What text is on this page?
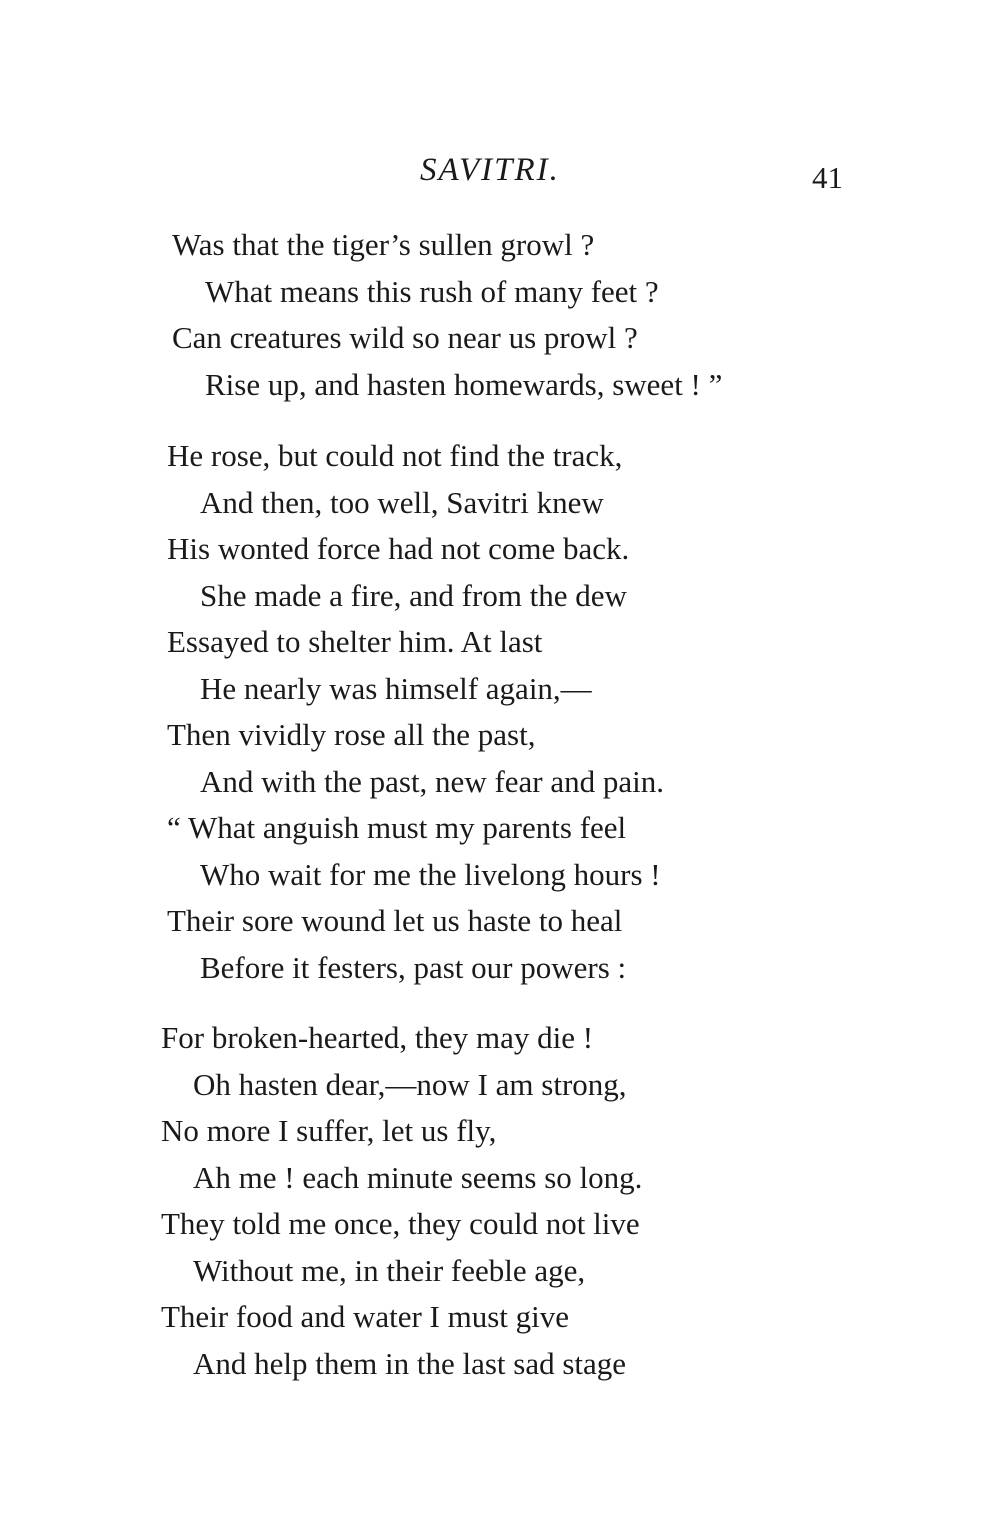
SAVITRI.	41
Was that the tiger’s sullen growl ?
What means this rush of many feet ?
Can creatures wild so near us prowl ?
Rise up, and hasten homewards, sweet ! ”
He rose, but could not find the track,
And then, too well, Savitri knew
His wonted force had not come back.
She made a fire, and from the dew
Essayed to shelter him. At last
He nearly was himself again,—
Then vividly rose all the past,
And with the past, new fear and pain.
“ What anguish must my parents feel
Who wait for me the livelong hours !
Their sore wound let us haste to heal
Before it festers, past our powers :
For broken-hearted, they may die !
Oh hasten dear,—now I am strong,
No more I suffer, let us fly,
Ah me ! each minute seems so long.
They told me once, they could not live
Without me, in their feeble age,
Their food and water I must give
And help them in the last sad stage
